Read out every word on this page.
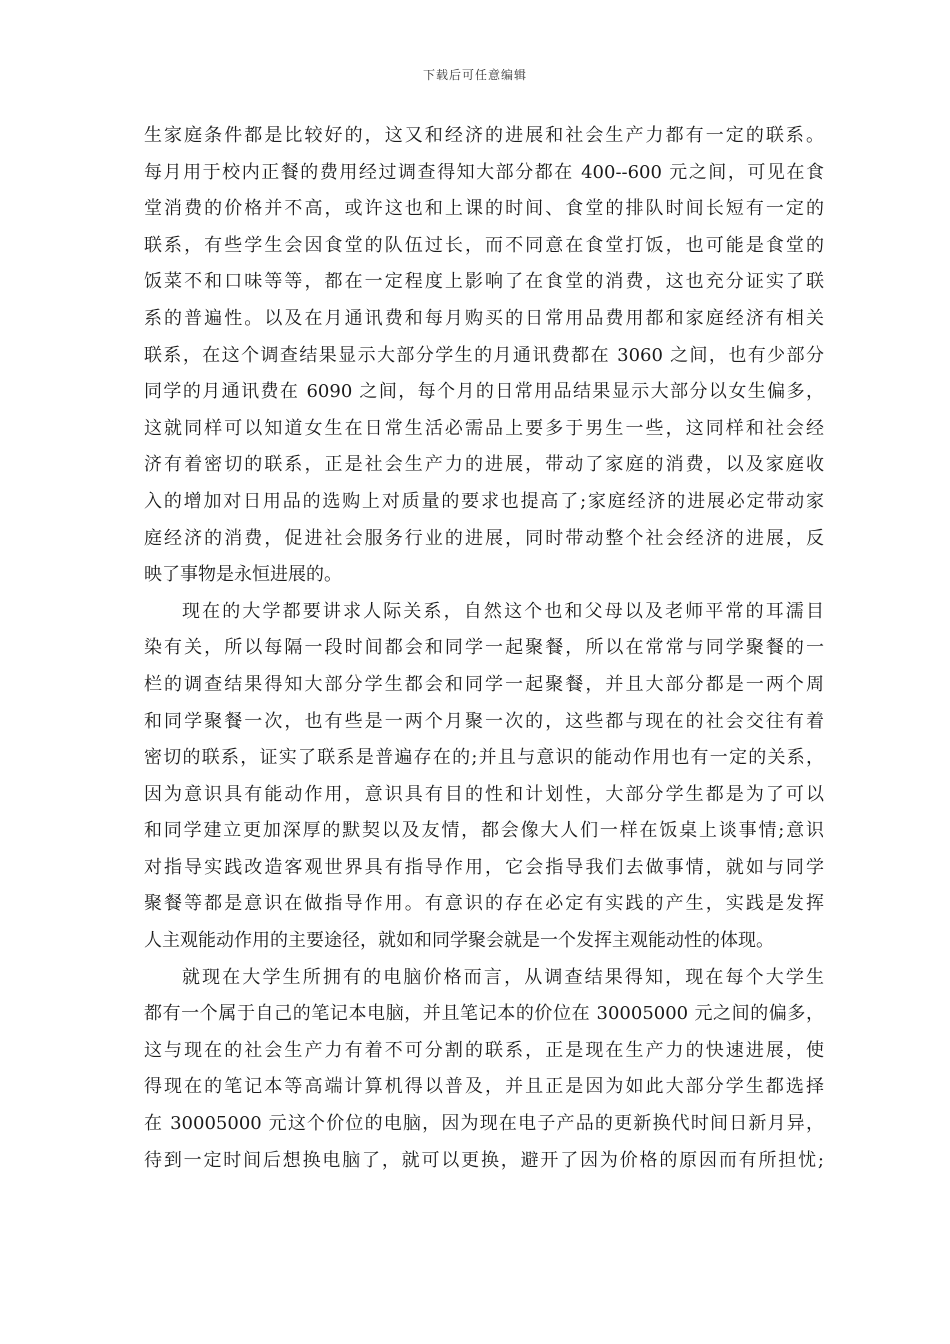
下载后可任意编辑
生家庭条件都是比较好的，这又和经济的进展和社会生产力都有一定的联系。
每月用于校内正餐的费用经过调查得知大部分都在 400--600 元之间，可见在食
堂消费的价格并不高，或许这也和上课的时间、食堂的排队时间长短有一定的
联系，有些学生会因食堂的队伍过长，而不同意在食堂打饭，也可能是食堂的
饭菜不和口味等等，都在一定程度上影响了在食堂的消费，这也充分证实了联
系的普遍性。以及在月通讯费和每月购买的日常用品费用都和家庭经济有相关
联系，在这个调查结果显示大部分学生的月通讯费都在 3060 之间，也有少部分
同学的月通讯费在 6090 之间，每个月的日常用品结果显示大部分以女生偏多，
这就同样可以知道女生在日常生活必需品上要多于男生一些，这同样和社会经
济有着密切的联系，正是社会生产力的进展，带动了家庭的消费，以及家庭收
入的增加对日用品的选购上对质量的要求也提高了;家庭经济的进展必定带动家
庭经济的消费，促进社会服务行业的进展，同时带动整个社会经济的进展，反
映了事物是永恒进展的。
现在的大学都要讲求人际关系，自然这个也和父母以及老师平常的耳濡目
染有关，所以每隔一段时间都会和同学一起聚餐，所以在常常与同学聚餐的一
栏的调查结果得知大部分学生都会和同学一起聚餐，并且大部分都是一两个周
和同学聚餐一次，也有些是一两个月聚一次的，这些都与现在的社会交往有着
密切的联系，证实了联系是普遍存在的;并且与意识的能动作用也有一定的关系，
因为意识具有能动作用，意识具有目的性和计划性，大部分学生都是为了可以
和同学建立更加深厚的默契以及友情，都会像大人们一样在饭桌上谈事情;意识
对指导实践改造客观世界具有指导作用，它会指导我们去做事情，就如与同学
聚餐等都是意识在做指导作用。有意识的存在必定有实践的产生，实践是发挥
人主观能动作用的主要途径，就如和同学聚会就是一个发挥主观能动性的体现。
就现在大学生所拥有的电脑价格而言，从调查结果得知，现在每个大学生
都有一个属于自己的笔记本电脑，并且笔记本的价位在 30005000 元之间的偏多，
这与现在的社会生产力有着不可分割的联系，正是现在生产力的快速进展，使
得现在的笔记本等高端计算机得以普及，并且正是因为如此大部分学生都选择
在 30005000 元这个价位的电脑，因为现在电子产品的更新换代时间日新月异，
待到一定时间后想换电脑了，就可以更换，避开了因为价格的原因而有所担忧;
